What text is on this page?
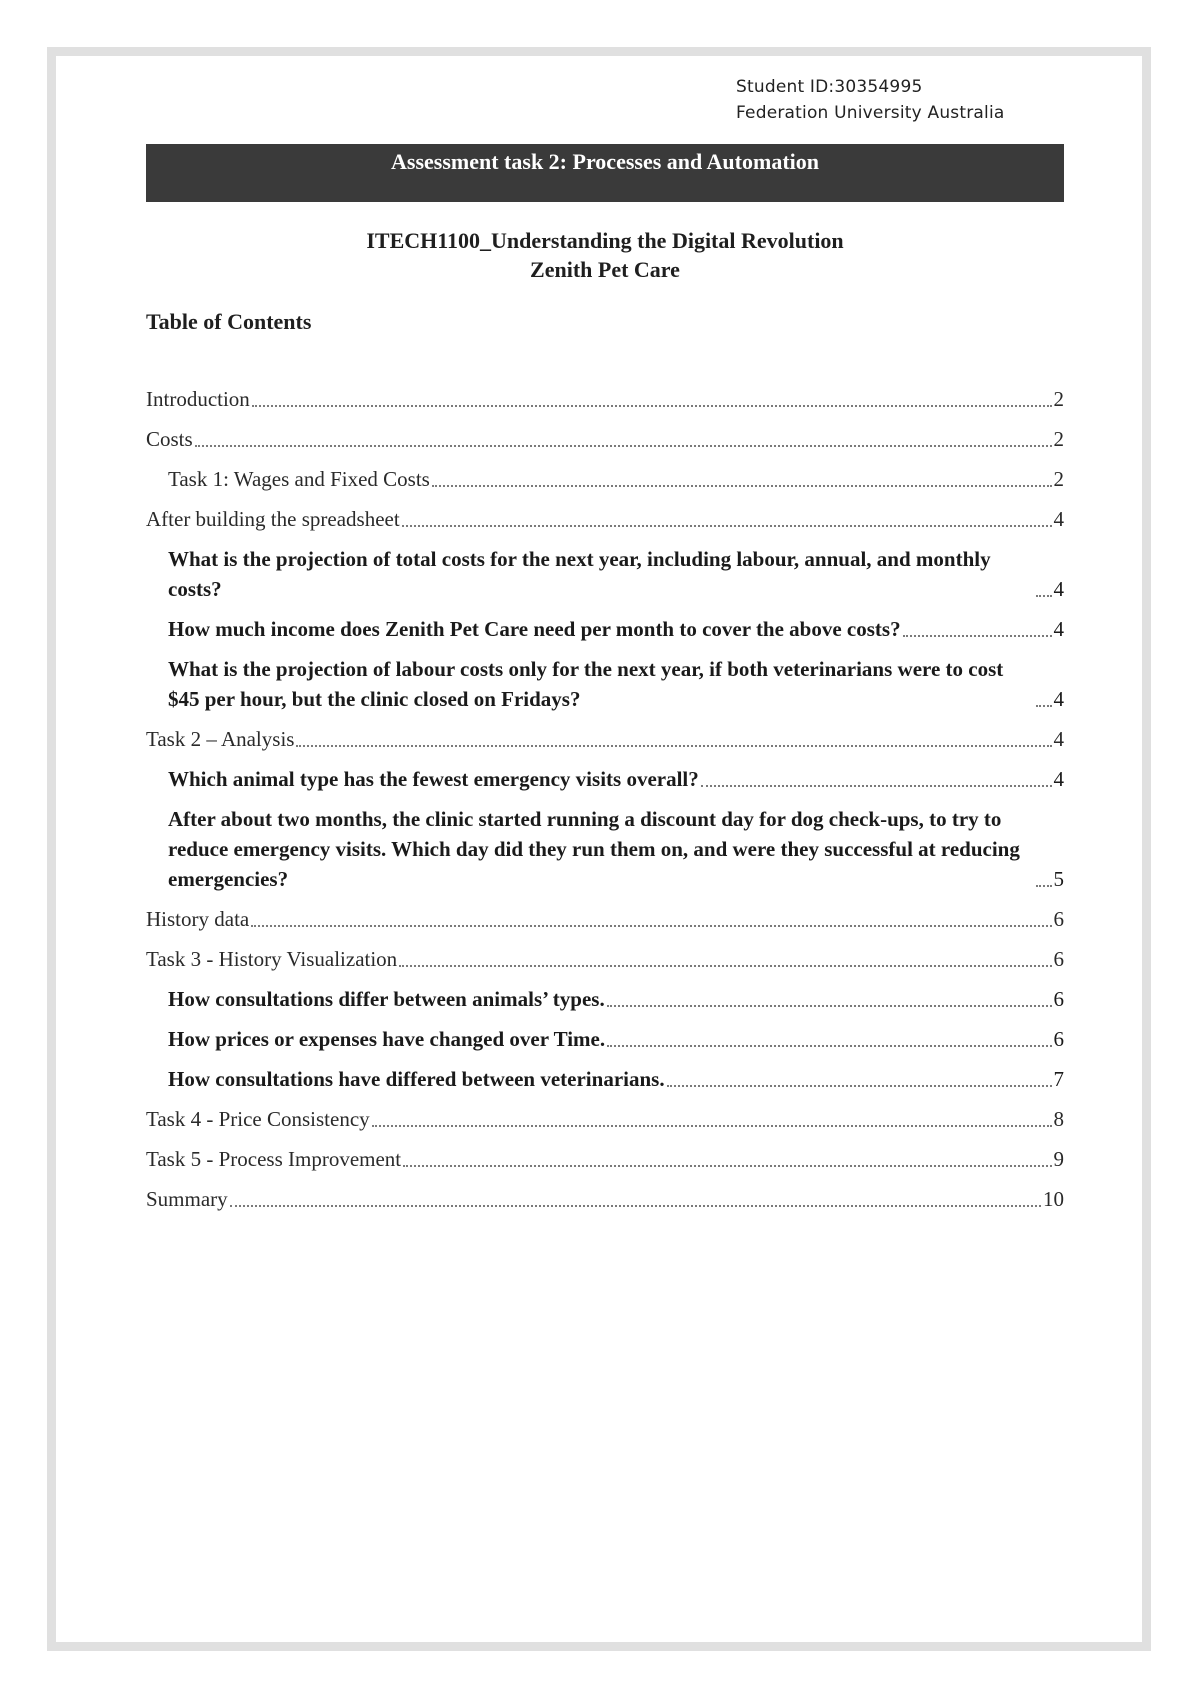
Student ID:30354995
Federation University Australia
Assessment task 2: Processes and Automation
ITECH1100_Understanding the Digital Revolution
Zenith Pet Care
Table of Contents
Introduction	2
Costs	2
Task 1: Wages and Fixed Costs	2
After building the spreadsheet	4
What is the projection of total costs for the next year, including labour, annual, and monthly costs?	4
How much income does Zenith Pet Care need per month to cover the above costs?	4
What is the projection of labour costs only for the next year, if both veterinarians were to cost $45 per hour, but the clinic closed on Fridays?	4
Task 2 – Analysis	4
Which animal type has the fewest emergency visits overall?	4
After about two months, the clinic started running a discount day for dog check-ups, to try to reduce emergency visits. Which day did they run them on, and were they successful at reducing emergencies?	5
History data	6
Task 3 - History Visualization	6
How consultations differ between animals’ types.	6
How prices or expenses have changed over Time.	6
How consultations have differed between veterinarians.	7
Task 4 - Price Consistency	8
Task 5 - Process Improvement	9
Summary	10
